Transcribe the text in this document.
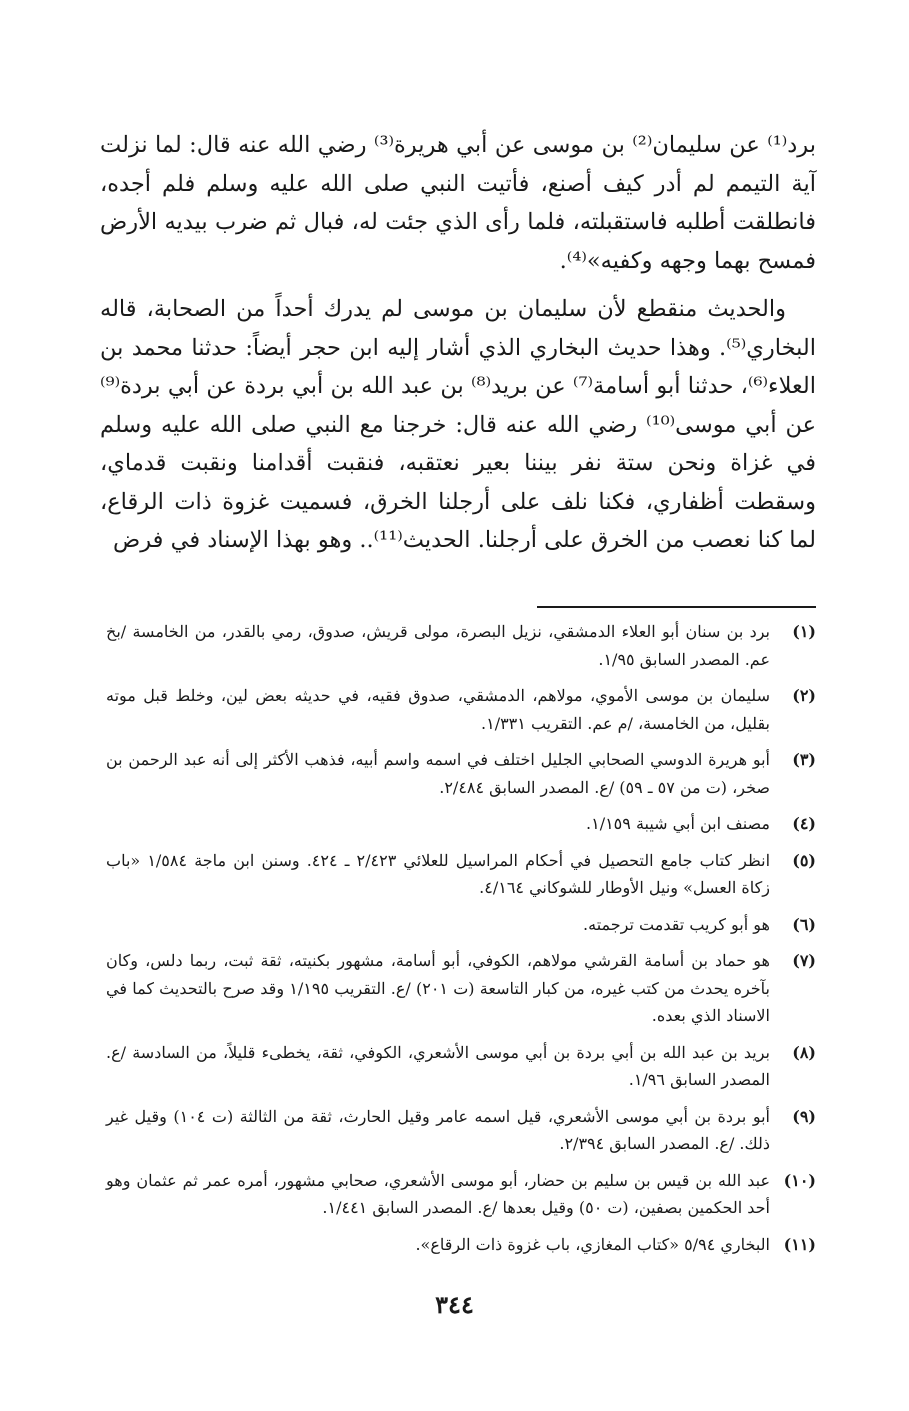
برد⁽¹⁾ عن سليمان⁽²⁾ بن موسى عن أبي هريرة⁽³⁾ رضي الله عنه قال: لما نزلت آية التيمم لم أدر كيف أصنع، فأتيت النبي صلى الله عليه وسلم فلم أجده، فانطلقت أطلبه فاستقبلته، فلما رأى الذي جئت له، فبال ثم ضرب بيديه الأرض فمسح بهما وجهه وكفيه»⁽⁴⁾.

والحديث منقطع لأن سليمان بن موسى لم يدرك أحداً من الصحابة، قاله البخاري⁽⁵⁾. وهذا حديث البخاري الذي أشار إليه ابن حجر أيضاً: حدثنا محمد بن العلاء⁽⁶⁾، حدثنا أبو أسامة⁽⁷⁾ عن بريد⁽⁸⁾ بن عبد الله بن أبي بردة عن أبي بردة⁽⁹⁾ عن أبي موسى⁽¹⁰⁾ رضي الله عنه قال: خرجنا مع النبي صلى الله عليه وسلم في غزاة ونحن ستة نفر بيننا بعير نعتقبه، فنقبت أقدامنا ونقبت قدماي، وسقطت أظفاري، فكنا نلف على أرجلنا الخرق، فسميت غزوة ذات الرقاع، لما كنا نعصب من الخرق على أرجلنا. الحديث⁽¹¹⁾.. وهو بهذا الإسناد في فرض

(١)
برد بن سنان أبو العلاء الدمشقي، نزيل البصرة، مولى قريش، صدوق، رمي بالقدر، من الخامسة /بخ عم. المصدر السابق ١/٩٥.
(٢)
سليمان بن موسى الأموي، مولاهم، الدمشقي، صدوق فقيه، في حديثه بعض لين، وخلط قبل موته بقليل، من الخامسة، /م عم. التقريب ١/٣٣١.
(٣)
أبو هريرة الدوسي الصحابي الجليل اختلف في اسمه واسم أبيه، فذهب الأكثر إلى أنه عبد الرحمن بن صخر، (ت من ٥٧ ـ ٥٩) /ع. المصدر السابق ٢/٤٨٤.
(٤)
مصنف ابن أبي شيبة ١/١٥٩.
(٥)
انظر كتاب جامع التحصيل في أحكام المراسيل للعلائي ٢/٤٢٣ ـ ٤٢٤. وسنن ابن ماجة ١/٥٨٤ «باب زكاة العسل» ونيل الأوطار للشوكاني ٤/١٦٤.
(٦)
هو أبو كريب تقدمت ترجمته.
(٧)
هو حماد بن أسامة القرشي مولاهم، الكوفي، أبو أسامة، مشهور بكنيته، ثقة ثبت، ربما دلس، وكان بآخره يحدث من كتب غيره، من كبار التاسعة (ت ٢٠١) /ع. التقريب ١/١٩٥ وقد صرح بالتحديث كما في الاسناد الذي بعده.
(٨)
بريد بن عبد الله بن أبي بردة بن أبي موسى الأشعري، الكوفي، ثقة، يخطىء قليلاً، من السادسة /ع. المصدر السابق ١/٩٦.
(٩)
أبو بردة بن أبي موسى الأشعري، قيل اسمه عامر وقيل الحارث، ثقة من الثالثة (ت ١٠٤) وقيل غير ذلك. /ع. المصدر السابق ٢/٣٩٤.
(١٠)
عبد الله بن قيس بن سليم بن حضار، أبو موسى الأشعري، صحابي مشهور، أمره عمر ثم عثمان وهو أحد الحكمين بصفين، (ت ٥٠) وقيل بعدها /ع. المصدر السابق ١/٤٤١.
(١١)
البخاري ٥/٩٤ «كتاب المغازي، باب غزوة ذات الرقاع».
٣٤٤
